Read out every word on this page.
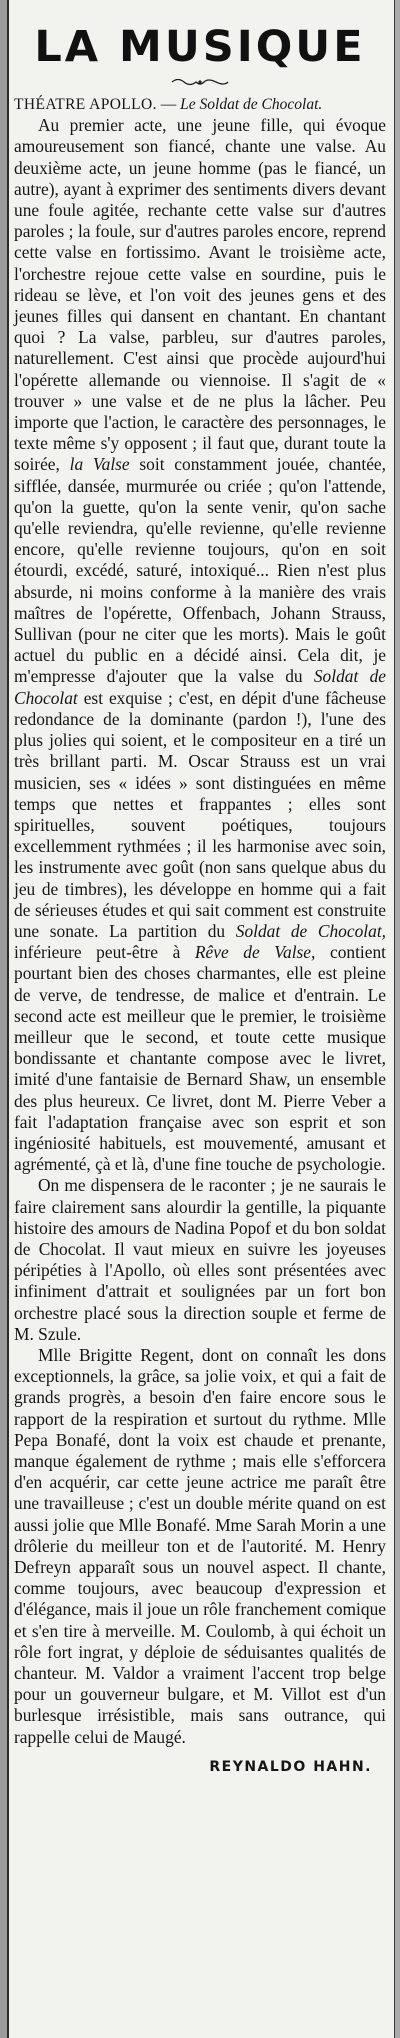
LA MUSIQUE

THÉATRE APOLLO. — Le Soldat de Chocolat.

Au premier acte, une jeune fille, qui évoque amoureusement son fiancé, chante une valse. Au deuxième acte, un jeune homme (pas le fiancé, un autre), ayant à exprimer des sentiments divers devant une foule agitée, rechante cette valse sur d'autres paroles ; la foule, sur d'autres paroles encore, reprend cette valse en fortissimo. Avant le troisième acte, l'orchestre rejoue cette valse en sourdine, puis le rideau se lève, et l'on voit des jeunes gens et des jeunes filles qui dansent en chantant. En chantant quoi ? La valse, parbleu, sur d'autres paroles, naturellement. C'est ainsi que procède aujourd'hui l'opérette allemande ou viennoise. Il s'agit de « trouver » une valse et de ne plus la lâcher. Peu importe que l'action, le caractère des personnages, le texte même s'y opposent ; il faut que, durant toute la soirée, la Valse soit constamment jouée, chantée, sifflée, dansée, murmurée ou criée ; qu'on l'attende, qu'on la guette, qu'on la sente venir, qu'on sache qu'elle reviendra, qu'elle revienne, qu'elle revienne encore, qu'elle revienne toujours, qu'on en soit étourdi, excédé, saturé, intoxiqué... Rien n'est plus absurde, ni moins conforme à la manière des vrais maîtres de l'opérette, Offenbach, Johann Strauss, Sullivan (pour ne citer que les morts). Mais le goût actuel du public en a décidé ainsi. Cela dit, je m'empresse d'ajouter que la valse du Soldat de Chocolat est exquise ; c'est, en dépit d'une fâcheuse redondance de la dominante (pardon !), l'une des plus jolies qui soient, et le compositeur en a tiré un très brillant parti. M. Oscar Strauss est un vrai musicien, ses « idées » sont distinguées en même temps que nettes et frappantes ; elles sont spirituelles, souvent poétiques, toujours excellemment rythmées ; il les harmonise avec soin, les instrumente avec goût (non sans quelque abus du jeu de timbres), les développe en homme qui a fait de sérieuses études et qui sait comment est construite une sonate. La partition du Soldat de Chocolat, inférieure peut-être à Rêve de Valse, contient pourtant bien des choses charmantes, elle est pleine de verve, de tendresse, de malice et d'entrain. Le second acte est meilleur que le premier, le troisième meilleur que le second, et toute cette musique bondissante et chantante compose avec le livret, imité d'une fantaisie de Bernard Shaw, un ensemble des plus heureux. Ce livret, dont M. Pierre Veber a fait l'adaptation française avec son esprit et son ingéniosité habituels, est mouvementé, amusant et agrémenté, çà et là, d'une fine touche de psychologie.

On me dispensera de le raconter ; je ne saurais le faire clairement sans alourdir la gentille, la piquante histoire des amours de Nadina Popof et du bon soldat de Chocolat. Il vaut mieux en suivre les joyeuses péripéties à l'Apollo, où elles sont présentées avec infiniment d'attrait et soulignées par un fort bon orchestre placé sous la direction souple et ferme de M. Szule.

Mlle Brigitte Regent, dont on connaît les dons exceptionnels, la grâce, sa jolie voix, et qui a fait de grands progrès, a besoin d'en faire encore sous le rapport de la respiration et surtout du rythme. Mlle Pepa Bonafé, dont la voix est chaude et prenante, manque également de rythme ; mais elle s'efforcera d'en acquérir, car cette jeune actrice me paraît être une travailleuse ; c'est un double mérite quand on est aussi jolie que Mlle Bonafé. Mme Sarah Morin a une drôlerie du meilleur ton et de l'autorité. M. Henry Defreyn apparaît sous un nouvel aspect. Il chante, comme toujours, avec beaucoup d'expression et d'élégance, mais il joue un rôle franchement comique et s'en tire à merveille. M. Coulomb, à qui échoit un rôle fort ingrat, y déploie de séduisantes qualités de chanteur. M. Valdor a vraiment l'accent trop belge pour un gouverneur bulgare, et M. Villot est d'un burlesque irrésistible, mais sans outrance, qui rappelle celui de Maugé.

REYNALDO HAHN.
